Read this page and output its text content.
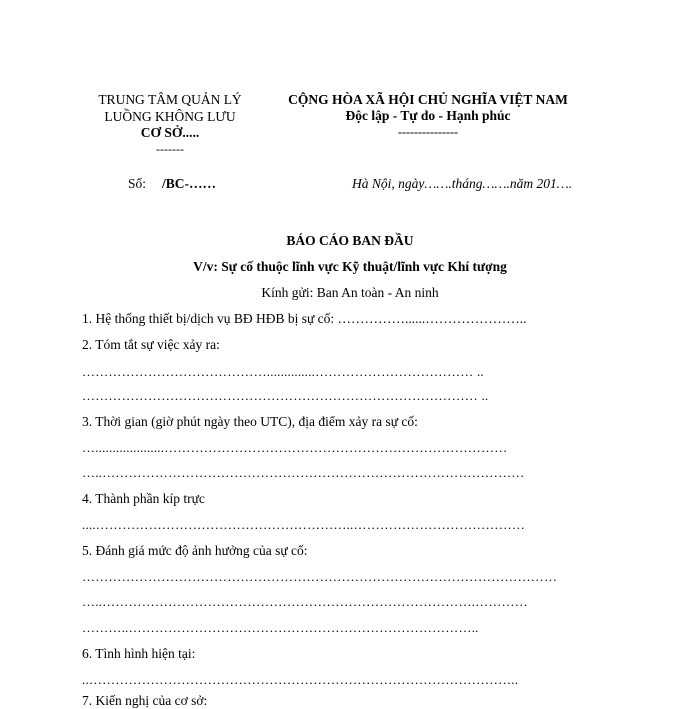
TRUNG TÂM QUẢN LÝ
LUỒNG KHÔNG LƯU
CƠ SỞ.....
-------
CỘNG HÒA XÃ HỘI CHỦ NGHĨA VIỆT NAM
Độc lập - Tự do - Hạnh phúc
---------------
Số: /BC-……	Hà Nội, ngày…….tháng…….năm 201….
BÁO CÁO BAN ĐẦU
V/v: Sự cố thuộc lĩnh vực Kỹ thuật/lĩnh vực Khí tượng
Kính gửi: Ban An toàn - An ninh
1. Hệ thống thiết bị/dịch vụ BĐ HĐB bị sự cố: ……………......…………………..
2. Tóm tắt sự việc xảy ra:
……………………………………..............……………………………… ..
……………………………………………………………………………… ..
3. Thời gian (giờ phút ngày theo UTC), địa điểm xảy ra sự cố:
…....................……………………………………………………………………
…..……………………………………………………………………………………
4. Thành phần kíp trực
....…………………………………………………..…………………………………
5. Đánh giá mức độ ảnh hưởng của sự cố:
………………………………………………………………………………………………
…..………………………………………………………………………….…………
………..……………………………………………………………………..
6. Tình hình hiện tại:
..……………………………………………………………………………………..
7. Kiến nghị của cơ sở:
